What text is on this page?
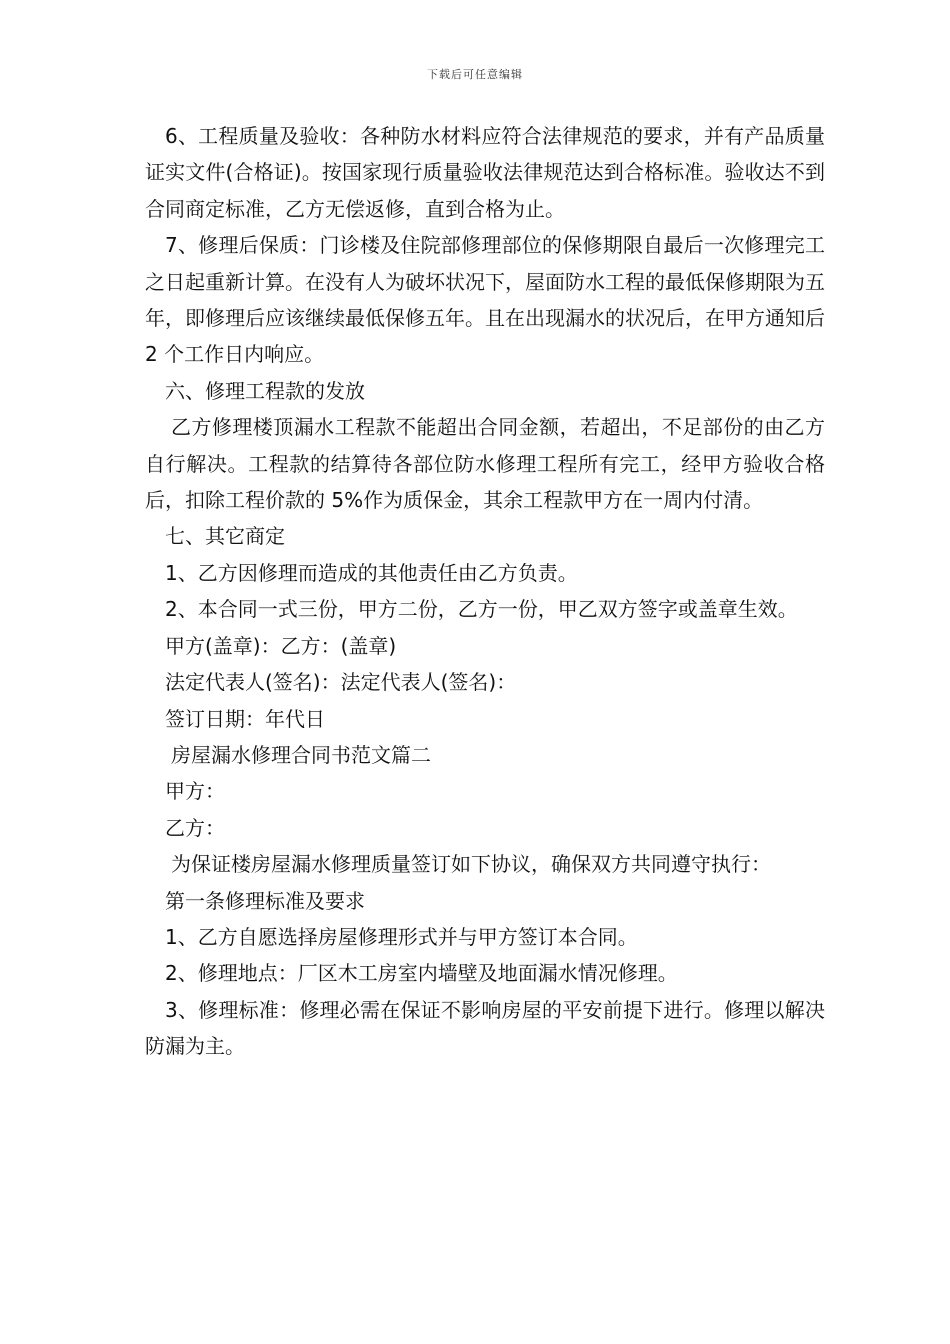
下载后可任意编辑

6、工程质量及验收：各种防水材料应符合法律规范的要求，并有产品质量证实文件(合格证)。按国家现行质量验收法律规范达到合格标准。验收达不到合同商定标准，乙方无偿返修，直到合格为止。

7、修理后保质：门诊楼及住院部修理部位的保修期限自最后一次修理完工之日起重新计算。在没有人为破坏状况下，屋面防水工程的最低保修期限为五年，即修理后应该继续最低保修五年。且在出现漏水的状况后，在甲方通知后 2 个工作日内响应。

六、修理工程款的发放

乙方修理楼顶漏水工程款不能超出合同金额，若超出，不足部份的由乙方自行解决。工程款的结算待各部位防水修理工程所有完工，经甲方验收合格后，扣除工程价款的 5%作为质保金，其余工程款甲方在一周内付清。

七、其它商定

1、乙方因修理而造成的其他责任由乙方负责。

2、本合同一式三份，甲方二份，乙方一份，甲乙双方签字或盖章生效。

甲方(盖章)：乙方：(盖章)

法定代表人(签名)：法定代表人(签名)：

签订日期：年代日

房屋漏水修理合同书范文篇二

甲方：

乙方：

为保证楼房屋漏水修理质量签订如下协议，确保双方共同遵守执行：

第一条修理标准及要求

1、乙方自愿选择房屋修理形式并与甲方签订本合同。

2、修理地点：厂区木工房室内墙壁及地面漏水情况修理。

3、修理标准：修理必需在保证不影响房屋的平安前提下进行。修理以解决防漏为主。
